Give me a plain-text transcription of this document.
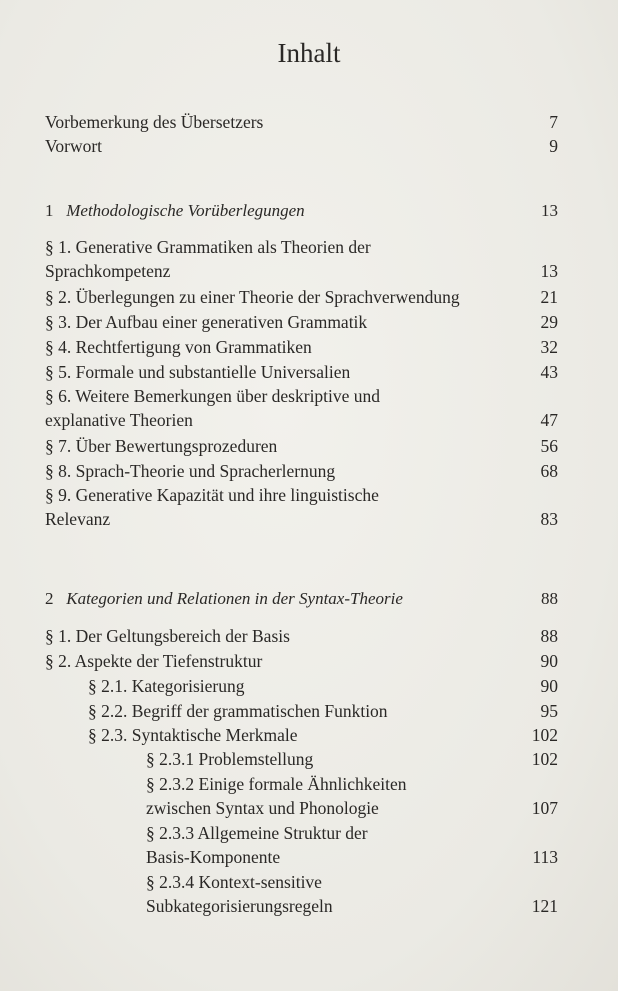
Inhalt
Vorbemerkung des Übersetzers	7
Vorwort	9
1 Methodologische Vorüberlegungen	13
§ 1. Generative Grammatiken als Theorien der
Sprachkompetenz	13
§ 2. Überlegungen zu einer Theorie der Sprachverwendung	21
§ 3. Der Aufbau einer generativen Grammatik	29
§ 4. Rechtfertigung von Grammatiken	32
§ 5. Formale und substantielle Universalien	43
§ 6. Weitere Bemerkungen über deskriptive und
explanative Theorien	47
§ 7. Über Bewertungsprozeduren	56
§ 8. Sprach-Theorie und Spracherlernung	68
§ 9. Generative Kapazität und ihre linguistische
Relevanz	83
2 Kategorien und Relationen in der Syntax-Theorie	88
§ 1. Der Geltungsbereich der Basis	88
§ 2. Aspekte der Tiefenstruktur	90
§ 2.1. Kategorisierung	90
§ 2.2. Begriff der grammatischen Funktion	95
§ 2.3. Syntaktische Merkmale	102
§ 2.3.1 Problemstellung	102
§ 2.3.2 Einige formale Ähnlichkeiten
zwischen Syntax und Phonologie	107
§ 2.3.3 Allgemeine Struktur der
Basis-Komponente	113
§ 2.3.4 Kontext-sensitive
Subkategorisierungsregeln	121
